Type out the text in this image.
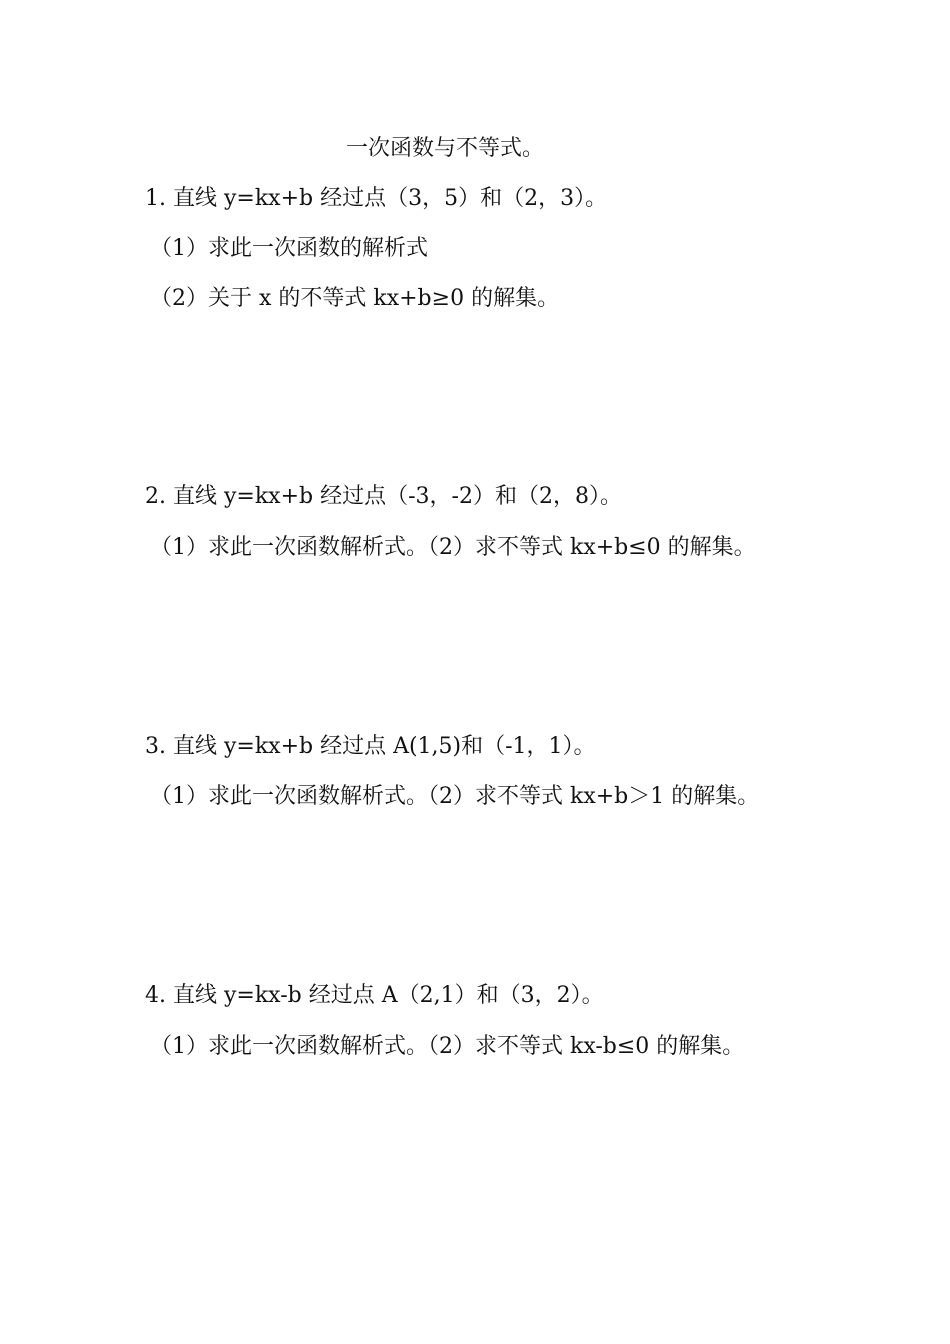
一次函数与不等式。
1. 直线 y=kx+b 经过点（3，5）和（2，3）。
（1）求此一次函数的解析式
（2）关于 x 的不等式 kx+b≥0 的解集。
2. 直线 y=kx+b 经过点（-3，-2）和（2，8）。
（1）求此一次函数解析式。（2）求不等式 kx+b≤0 的解集。
3. 直线 y=kx+b 经过点 A(1,5)和（-1，1）。
（1）求此一次函数解析式。（2）求不等式 kx+b＞1 的解集。
4. 直线 y=kx-b 经过点 A（2,1）和（3，2）。
（1）求此一次函数解析式。（2）求不等式 kx-b≤0 的解集。
